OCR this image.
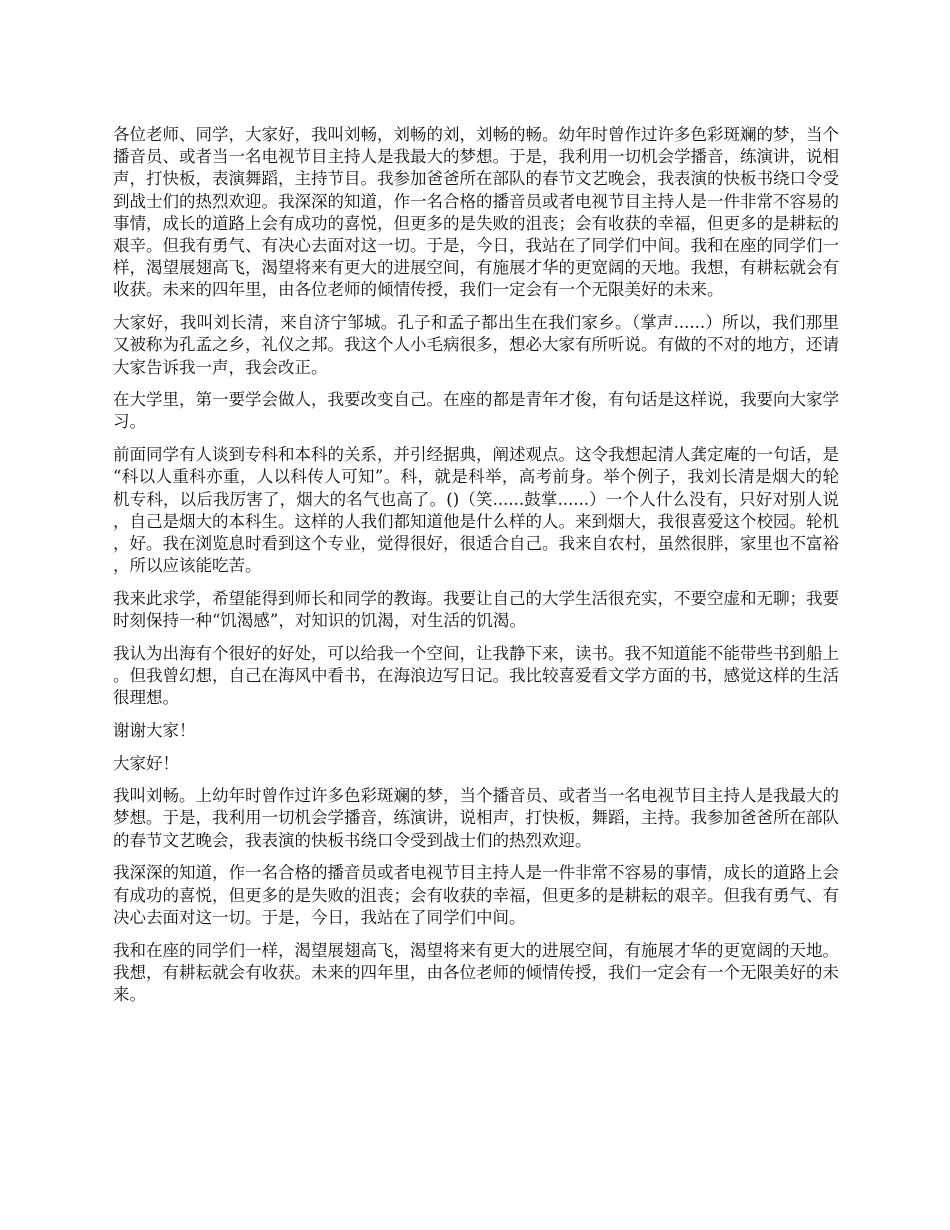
各位老师、同学，大家好，我叫刘畅，刘畅的刘，刘畅的畅。幼年时曾作过许多色彩斑斓的梦，当个播音员、或者当一名电视节目主持人是我最大的梦想。于是，我利用一切机会学播音，练演讲，说相声，打快板，表演舞蹈，主持节目。我参加爸爸所在部队的春节文艺晚会，我表演的快板书绕口令受到战士们的热烈欢迎。我深深的知道，作一名合格的播音员或者电视节目主持人是一件非常不容易的事情，成长的道路上会有成功的喜悦，但更多的是失败的沮丧；会有收获的幸福，但更多的是耕耘的艰辛。但我有勇气、有决心去面对这一切。于是，今日，我站在了同学们中间。我和在座的同学们一样，渴望展翅高飞，渴望将来有更大的进展空间，有施展才华的更宽阔的天地。我想，有耕耘就会有收获。未来的四年里，由各位老师的倾情传授，我们一定会有一个无限美好的未来。

大家好，我叫刘长清，来自济宁邹城。孔子和孟子都出生在我们家乡。（掌声......）所以，我们那里又被称为孔孟之乡，礼仪之邦。我这个人小毛病很多，想必大家有所听说。有做的不对的地方，还请大家告诉我一声，我会改正。

在大学里，第一要学会做人，我要改变自己。在座的都是青年才俊，有句话是这样说，我要向大家学习。

前面同学有人谈到专科和本科的关系，并引经据典，阐述观点。这令我想起清人龚定庵的一句话，是“科以人重科亦重，人以科传人可知”。科，就是科举，高考前身。举个例子，我刘长清是烟大的轮机专科，以后我厉害了，烟大的名气也高了。()（笑......鼓掌......）一个人什么没有，只好对别人说，自己是烟大的本科生。这样的人我们都知道他是什么样的人。来到烟大，我很喜爱这个校园。轮机，好。我在浏览息时看到这个专业，觉得很好，很适合自己。我来自农村，虽然很胖，家里也不富裕，所以应该能吃苦。

我来此求学，希望能得到师长和同学的教诲。我要让自己的大学生活很充实，不要空虚和无聊；我要时刻保持一种“饥渴感”，对知识的饥渴，对生活的饥渴。

我认为出海有个很好的好处，可以给我一个空间，让我静下来，读书。我不知道能不能带些书到船上。但我曾幻想，自己在海风中看书，在海浪边写日记。我比较喜爱看文学方面的书，感觉这样的生活很理想。

谢谢大家！

大家好！

我叫刘畅。上幼年时曾作过许多色彩斑斓的梦，当个播音员、或者当一名电视节目主持人是我最大的梦想。于是，我利用一切机会学播音，练演讲，说相声，打快板，舞蹈，主持。我参加爸爸所在部队的春节文艺晚会，我表演的快板书绕口令受到战士们的热烈欢迎。

我深深的知道，作一名合格的播音员或者电视节目主持人是一件非常不容易的事情，成长的道路上会有成功的喜悦，但更多的是失败的沮丧；会有收获的幸福，但更多的是耕耘的艰辛。但我有勇气、有决心去面对这一切。于是，今日，我站在了同学们中间。

我和在座的同学们一样，渴望展翅高飞，渴望将来有更大的进展空间，有施展才华的更宽阔的天地。我想，有耕耘就会有收获。未来的四年里，由各位老师的倾情传授，我们一定会有一个无限美好的未来。
